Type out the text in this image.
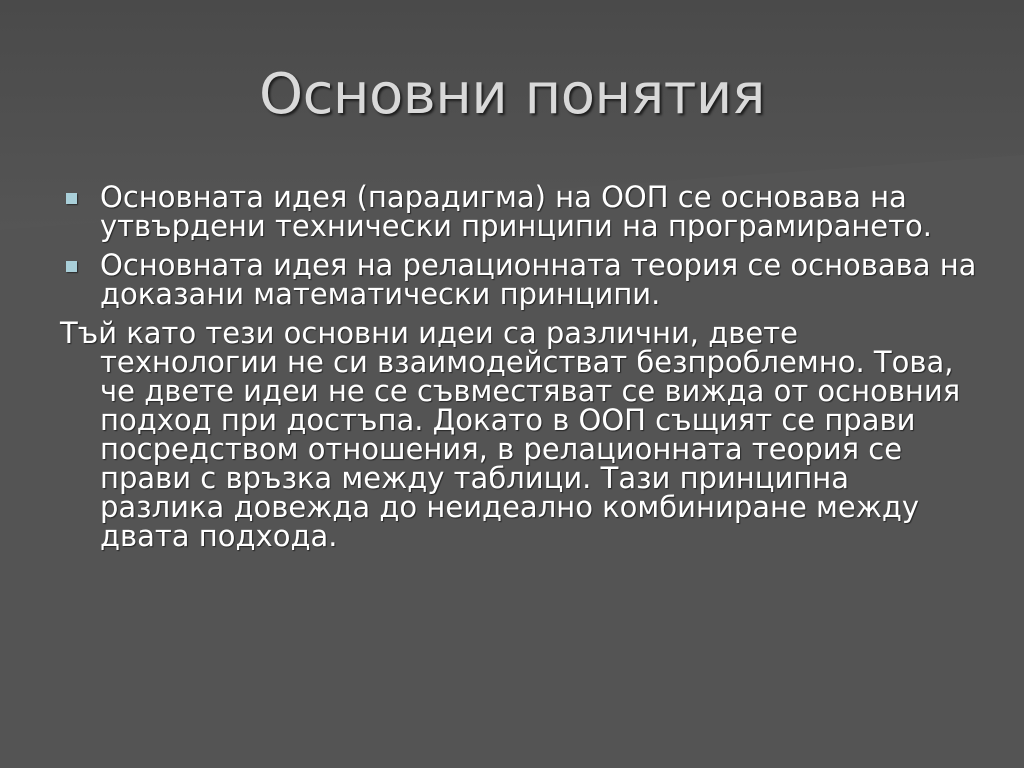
Основни понятия
Основната идея (парадигма) на ООП се основава на утвърдени технически принципи на програмирането.
Основната идея на релационната теория се основава на доказани математически принципи.

Тъй като тези основни идеи са различни, двете технологии не си взаимодействат безпроблемно. Това, че двете идеи не се съвместяват се вижда от основния подход при достъпа. Докато в ООП същият се прави посредством отношения, в релационната теория се прави с връзка между таблици. Тази принципна разлика довежда до неидеално комбиниране между двата подхода.
